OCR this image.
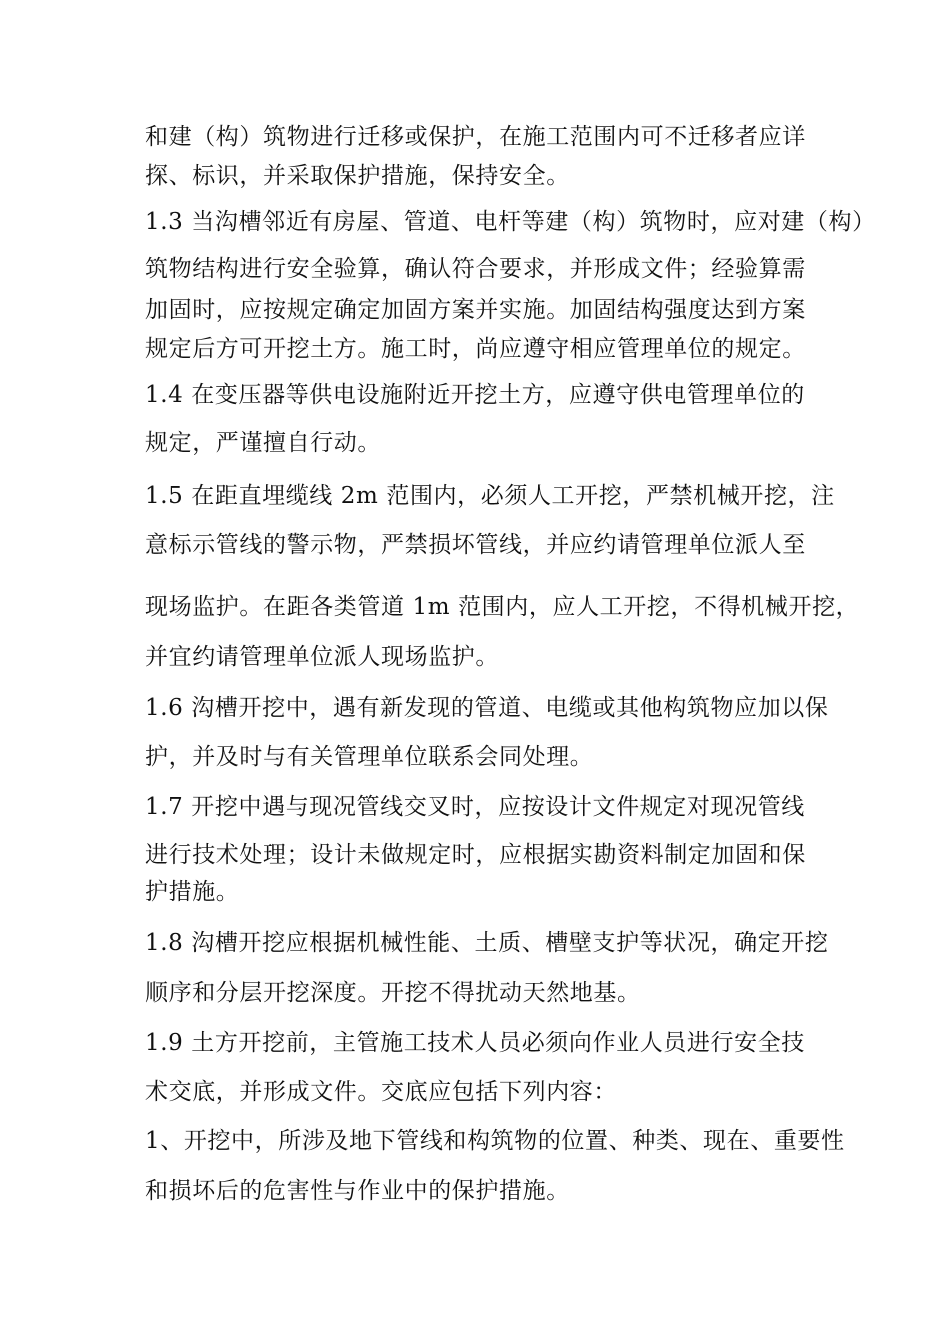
和建（构）筑物进行迁移或保护，在施工范围内可不迁移者应详
探、标识，并采取保护措施，保持安全。
1.3 当沟槽邻近有房屋、管道、电杆等建（构）筑物时，应对建（构）
筑物结构进行安全验算，确认符合要求，并形成文件；经验算需
加固时，应按规定确定加固方案并实施。加固结构强度达到方案
规定后方可开挖土方。施工时，尚应遵守相应管理单位的规定。
1.4 在变压器等供电设施附近开挖土方，应遵守供电管理单位的
规定，严谨擅自行动。
1.5 在距直埋缆线 2m 范围内，必须人工开挖，严禁机械开挖，注
意标示管线的警示物，严禁损坏管线，并应约请管理单位派人至
现场监护。在距各类管道 1m 范围内，应人工开挖，不得机械开挖，
并宜约请管理单位派人现场监护。
1.6 沟槽开挖中，遇有新发现的管道、电缆或其他构筑物应加以保
护，并及时与有关管理单位联系会同处理。
1.7 开挖中遇与现况管线交叉时，应按设计文件规定对现况管线
进行技术处理；设计未做规定时，应根据实勘资料制定加固和保
护措施。
1.8 沟槽开挖应根据机械性能、土质、槽壁支护等状况，确定开挖
顺序和分层开挖深度。开挖不得扰动天然地基。
1.9 土方开挖前，主管施工技术人员必须向作业人员进行安全技
术交底，并形成文件。交底应包括下列内容：
1、开挖中，所涉及地下管线和构筑物的位置、种类、现在、重要性
和损坏后的危害性与作业中的保护措施。
